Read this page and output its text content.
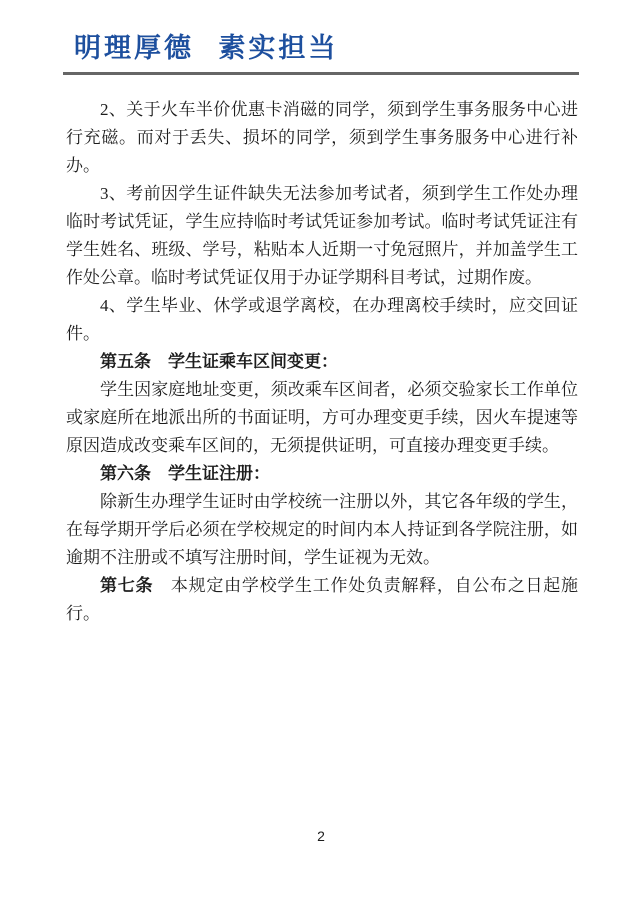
明理厚德 素实担当

2、关于火车半价优惠卡消磁的同学，须到学生事务服务中心进行充磁。而对于丢失、损坏的同学，须到学生事务服务中心进行补办。

3、考前因学生证件缺失无法参加考试者，须到学生工作处办理临时考试凭证，学生应持临时考试凭证参加考试。临时考试凭证注有学生姓名、班级、学号，粘贴本人近期一寸免冠照片，并加盖学生工作处公章。临时考试凭证仅用于办证学期科目考试，过期作废。

4、学生毕业、休学或退学离校，在办理离校手续时，应交回证件。

第五条　学生证乘车区间变更：

学生因家庭地址变更，须改乘车区间者，必须交验家长工作单位或家庭所在地派出所的书面证明，方可办理变更手续，因火车提速等原因造成改变乘车区间的，无须提供证明，可直接办理变更手续。

第六条　学生证注册：

除新生办理学生证时由学校统一注册以外，其它各年级的学生，在每学期开学后必须在学校规定的时间内本人持证到各学院注册，如逾期不注册或不填写注册时间，学生证视为无效。

第七条　本规定由学校学生工作处负责解释，自公布之日起施行。

2
